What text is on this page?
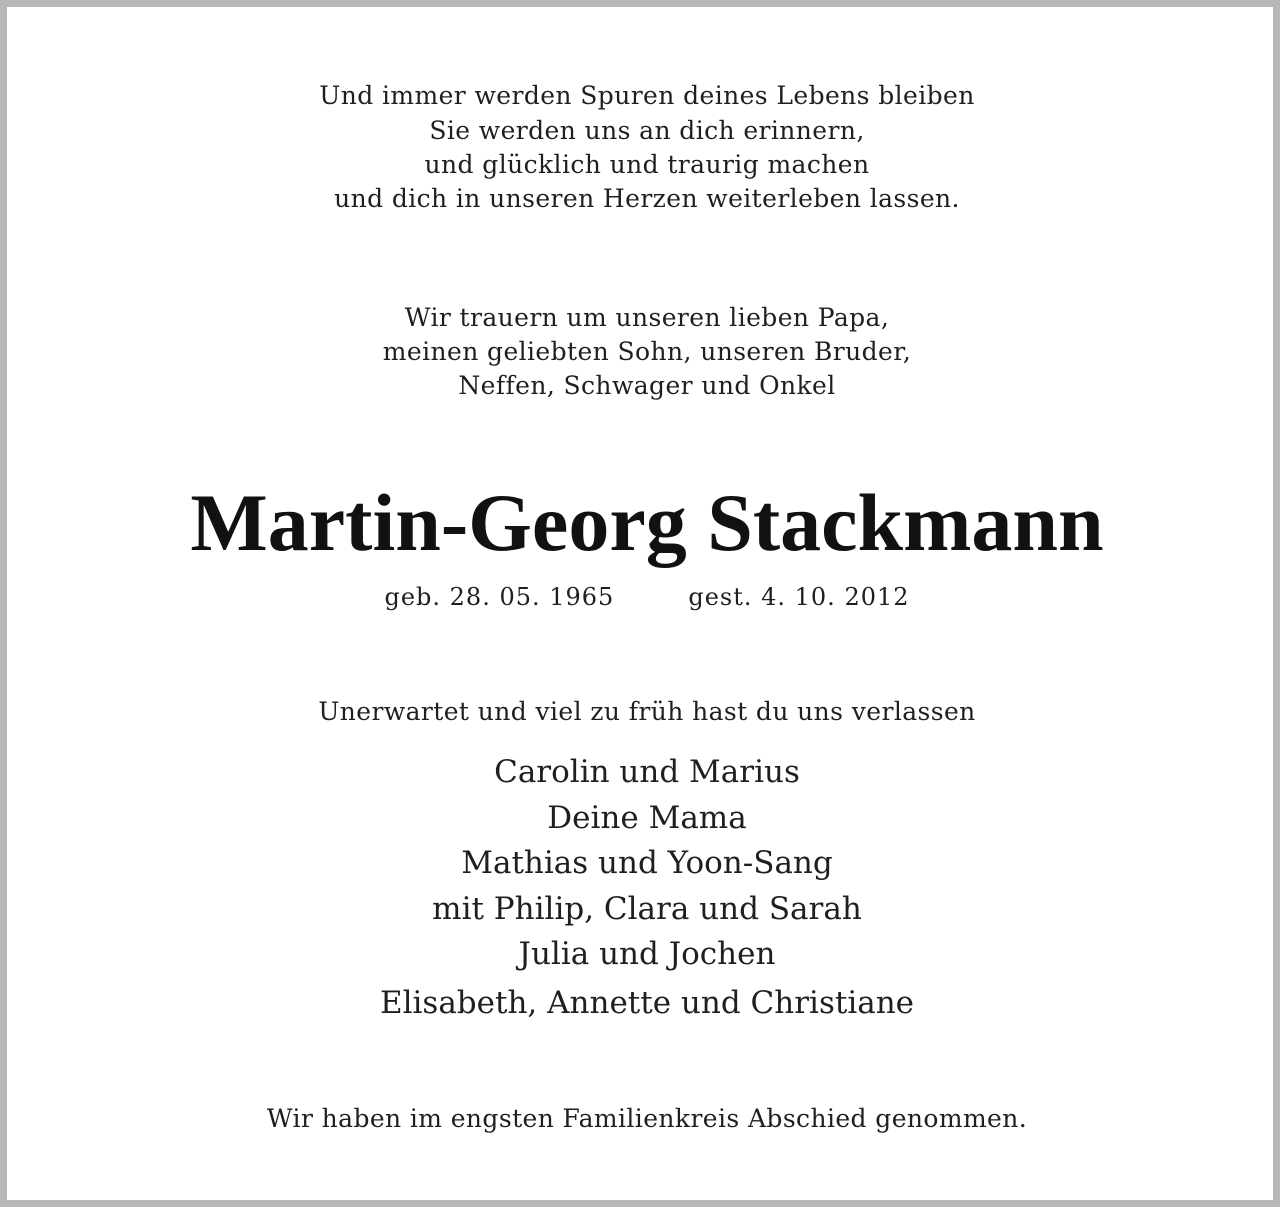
Und immer werden Spuren deines Lebens bleiben

Sie werden uns an dich erinnern,

und glücklich und traurig machen

und dich in unseren Herzen weiterleben lassen.

Wir trauern um unseren lieben Papa,

meinen geliebten Sohn, unseren Bruder,

Neffen, Schwager und Onkel

Martin-Georg Stackmann

geb. 28. 05. 1965	gest. 4. 10. 2012

Unerwartet und viel zu früh hast du uns verlassen

Carolin und Marius

Deine Mama

Mathias und Yoon-Sang

mit Philip, Clara und Sarah

Julia und Jochen

Elisabeth, Annette und Christiane

Wir haben im engsten Familienkreis Abschied genommen.
